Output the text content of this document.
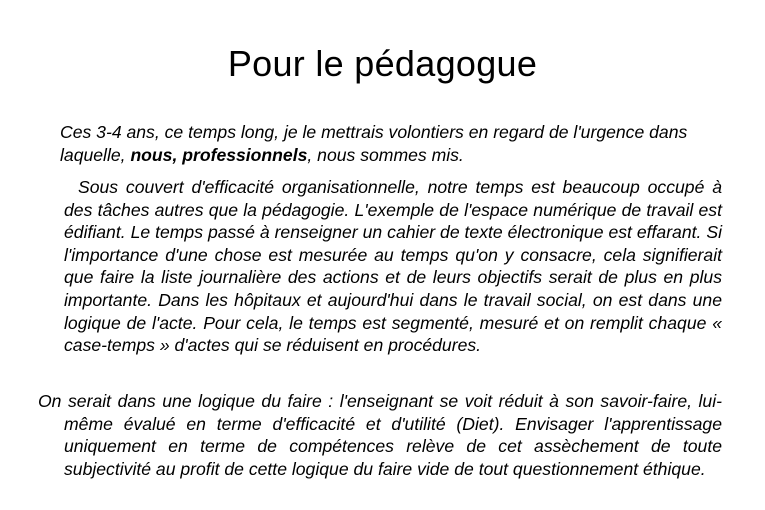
Pour le pédagogue
Ces 3-4 ans, ce temps long, je le mettrais volontiers en regard de l'urgence dans laquelle, nous, professionnels, nous sommes mis.
Sous couvert d'efficacité organisationnelle, notre temps est beaucoup occupé à des tâches autres que la pédagogie. L'exemple de l'espace numérique de travail est édifiant. Le temps passé à renseigner un cahier de texte électronique est effarant. Si l'importance d'une chose est mesurée au temps qu'on y consacre, cela signifierait que faire la liste journalière des actions et de leurs objectifs serait de plus en plus importante. Dans les hôpitaux et aujourd'hui dans le travail social, on est dans une logique de l'acte. Pour cela, le temps est segmenté, mesuré et on remplit chaque « case-temps » d'actes qui se réduisent en procédures.
On serait dans une logique du faire : l'enseignant se voit réduit à son savoir-faire, lui-même évalué en terme d'efficacité et d'utilité (Diet). Envisager l'apprentissage uniquement en terme de compétences relève de cet assèchement de toute subjectivité au profit de cette logique du faire vide de tout questionnement éthique.
